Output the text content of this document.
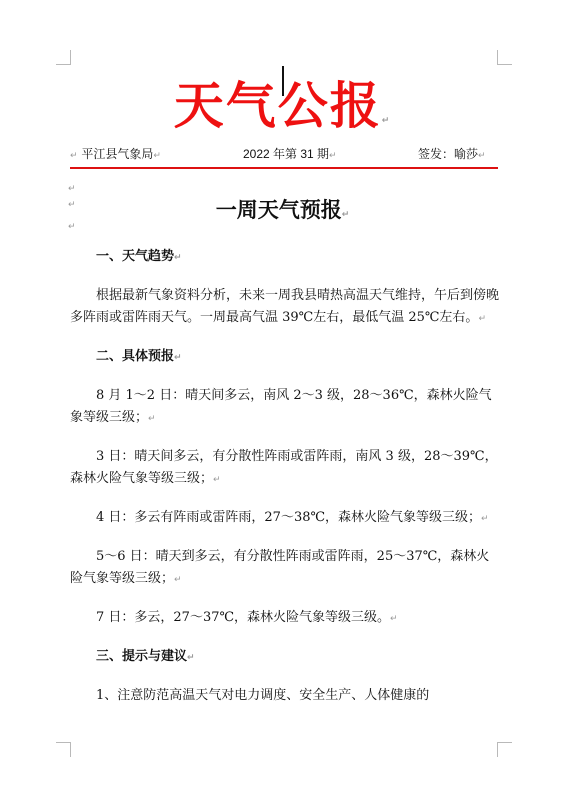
天气公报↵
↵ 平江县气象局↵	2022 年第 31 期↵	签发：喻莎↵
↵
↵
↵
一周天气预报↵

一、天气趋势↵

根据最新气象资料分析，未来一周我县晴热高温天气维持，午后到傍晚多阵雨或雷阵雨天气。一周最高气温 39℃左右，最低气温 25℃左右。↵

二、具体预报↵

8 月 1～2 日：晴天间多云，南风 2～3 级，28～36℃，森林火险气象等级三级；↵

3 日：晴天间多云，有分散性阵雨或雷阵雨，南风 3 级，28～39℃，森林火险气象等级三级；↵

4 日：多云有阵雨或雷阵雨，27～38℃，森林火险气象等级三级；↵

5～6 日：晴天到多云，有分散性阵雨或雷阵雨，25～37℃，森林火险气象等级三级；↵

7 日：多云，27～37℃，森林火险气象等级三级。↵

三、提示与建议↵

1、注意防范高温天气对电力调度、安全生产、人体健康的
